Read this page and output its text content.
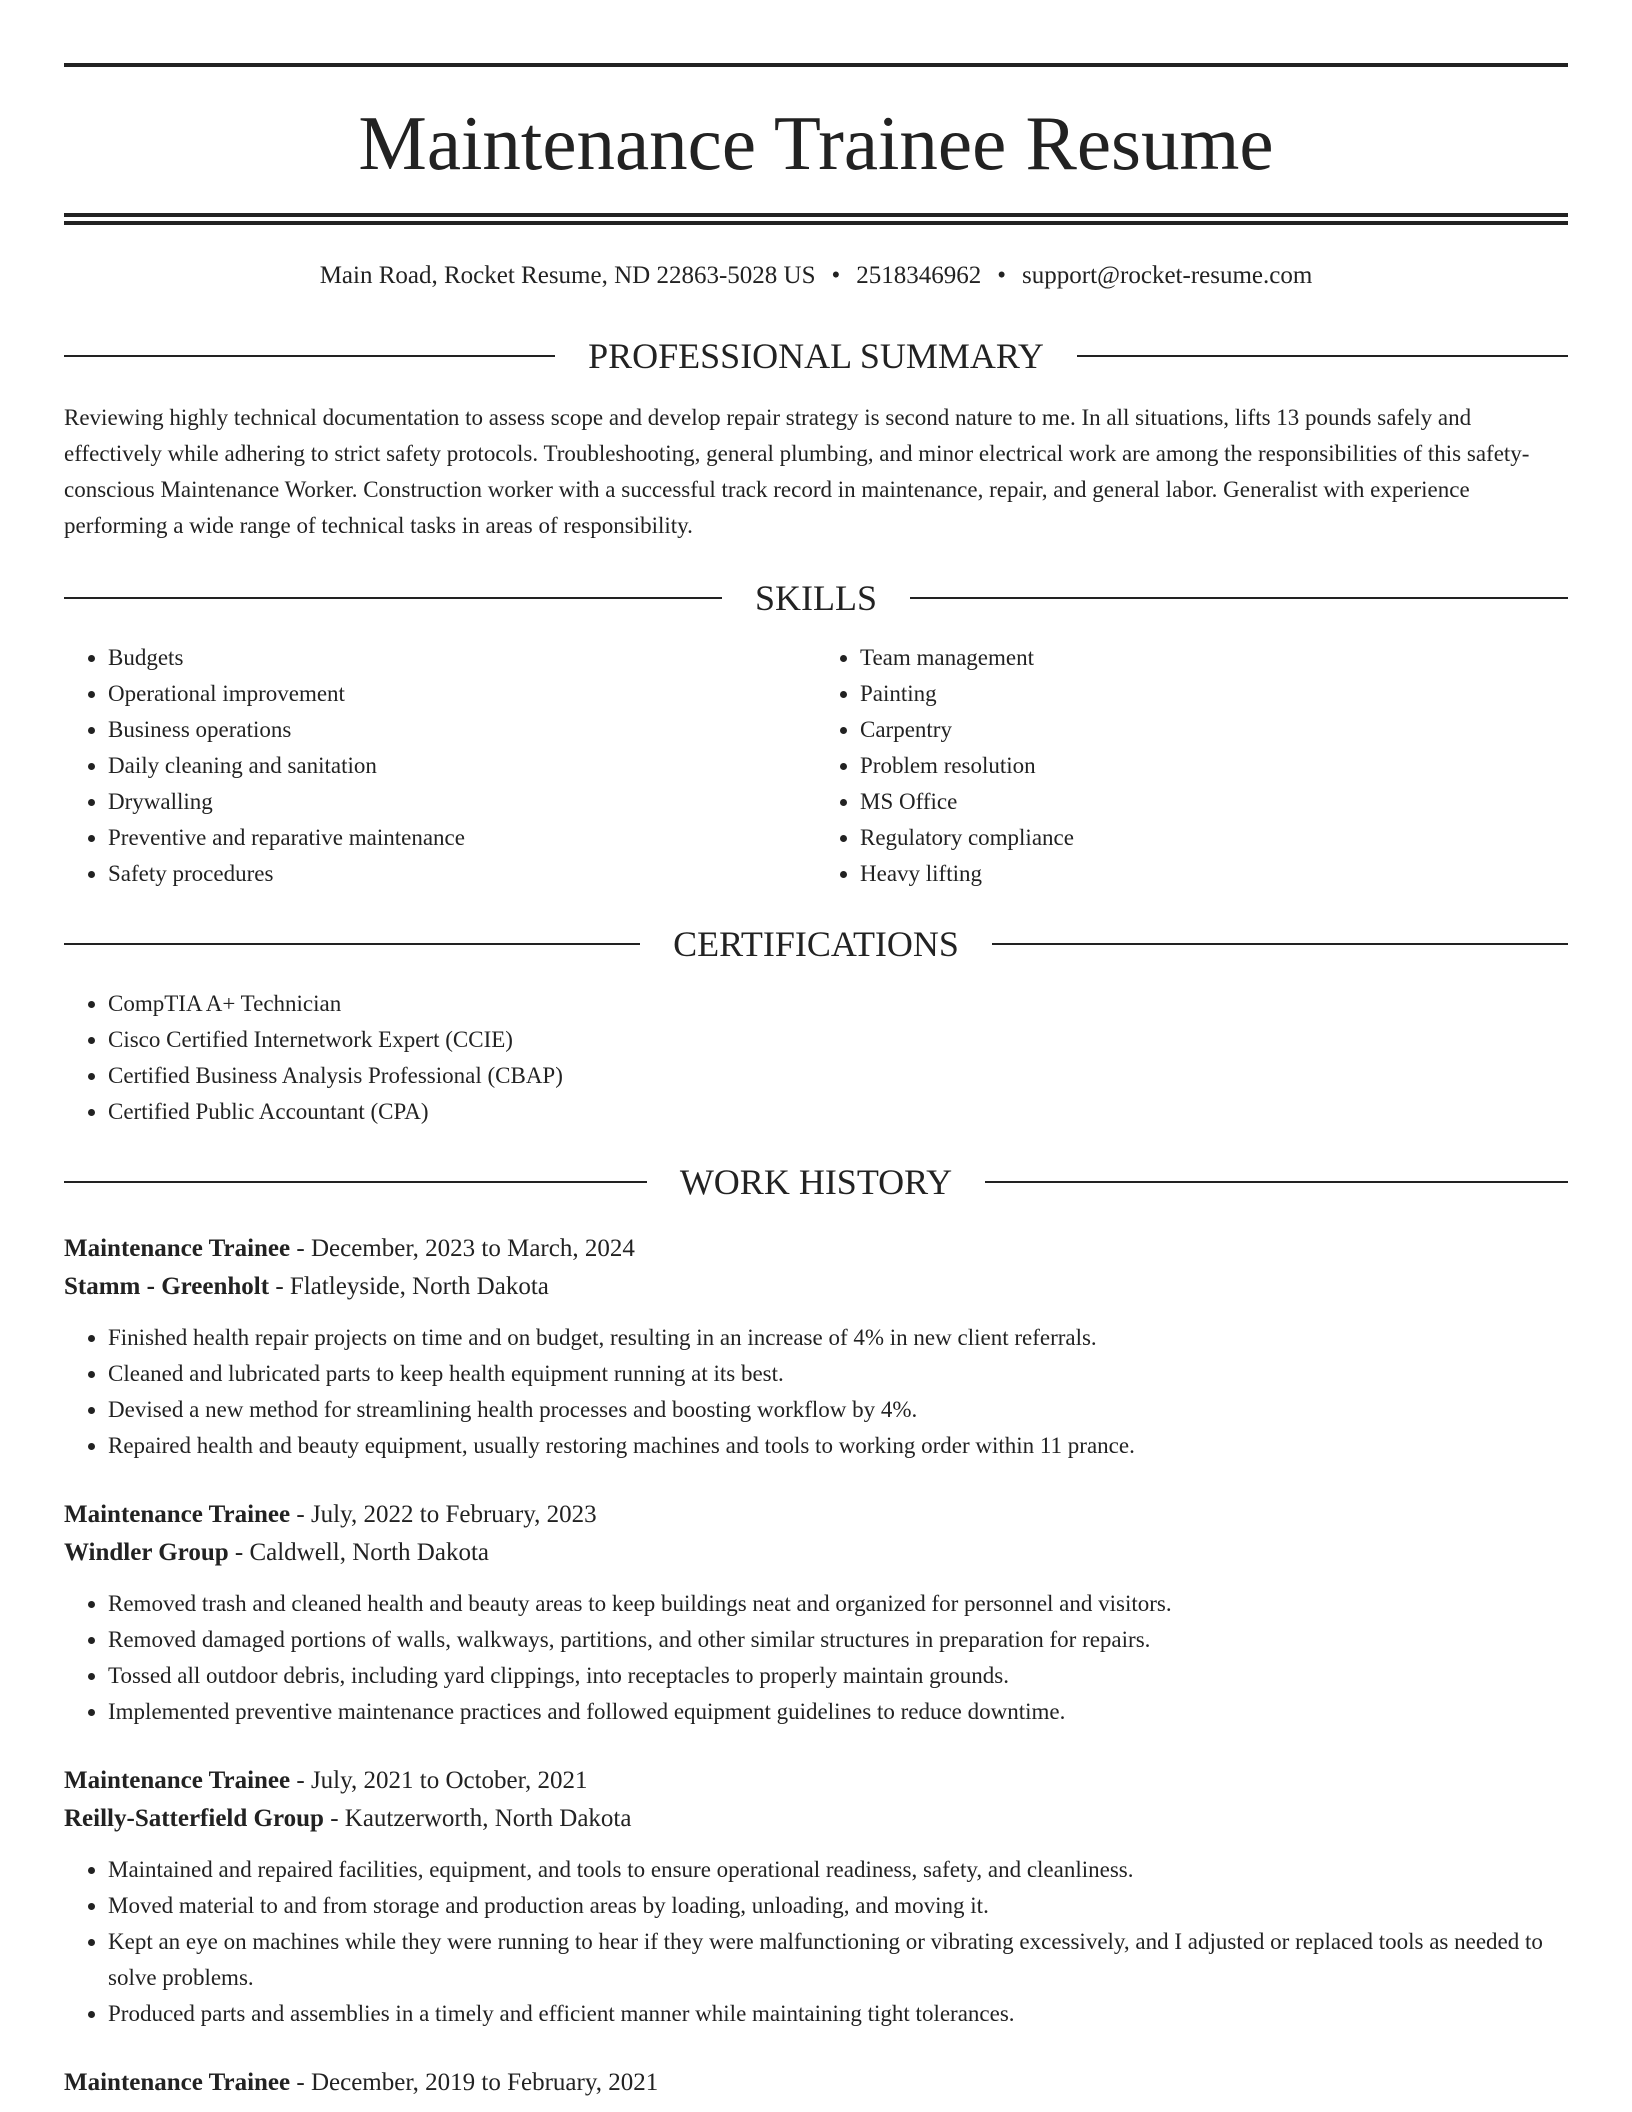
Maintenance Trainee Resume
Main Road, Rocket Resume, ND 22863-5028 US • 2518346962 • support@rocket-resume.com
PROFESSIONAL SUMMARY
Reviewing highly technical documentation to assess scope and develop repair strategy is second nature to me. In all situations, lifts 13 pounds safely and effectively while adhering to strict safety protocols. Troubleshooting, general plumbing, and minor electrical work are among the responsibilities of this safety-conscious Maintenance Worker. Construction worker with a successful track record in maintenance, repair, and general labor. Generalist with experience performing a wide range of technical tasks in areas of responsibility.
SKILLS
• Budgets
• Operational improvement
• Business operations
• Daily cleaning and sanitation
• Drywalling
• Preventive and reparative maintenance
• Safety procedures
• Team management
• Painting
• Carpentry
• Problem resolution
• MS Office
• Regulatory compliance
• Heavy lifting
CERTIFICATIONS
• CompTIA A+ Technician
• Cisco Certified Internetwork Expert (CCIE)
• Certified Business Analysis Professional (CBAP)
• Certified Public Accountant (CPA)
WORK HISTORY
Maintenance Trainee - December, 2023 to March, 2024
Stamm - Greenholt - Flatleyside, North Dakota
• Finished health repair projects on time and on budget, resulting in an increase of 4% in new client referrals.
• Cleaned and lubricated parts to keep health equipment running at its best.
• Devised a new method for streamlining health processes and boosting workflow by 4%.
• Repaired health and beauty equipment, usually restoring machines and tools to working order within 11 prance.
Maintenance Trainee - July, 2022 to February, 2023
Windler Group - Caldwell, North Dakota
• Removed trash and cleaned health and beauty areas to keep buildings neat and organized for personnel and visitors.
• Removed damaged portions of walls, walkways, partitions, and other similar structures in preparation for repairs.
• Tossed all outdoor debris, including yard clippings, into receptacles to properly maintain grounds.
• Implemented preventive maintenance practices and followed equipment guidelines to reduce downtime.
Maintenance Trainee - July, 2021 to October, 2021
Reilly-Satterfield Group - Kautzerworth, North Dakota
• Maintained and repaired facilities, equipment, and tools to ensure operational readiness, safety, and cleanliness.
• Moved material to and from storage and production areas by loading, unloading, and moving it.
• Kept an eye on machines while they were running to hear if they were malfunctioning or vibrating excessively, and I adjusted or replaced tools as needed to solve problems.
• Produced parts and assemblies in a timely and efficient manner while maintaining tight tolerances.
Maintenance Trainee - December, 2019 to February, 2021
